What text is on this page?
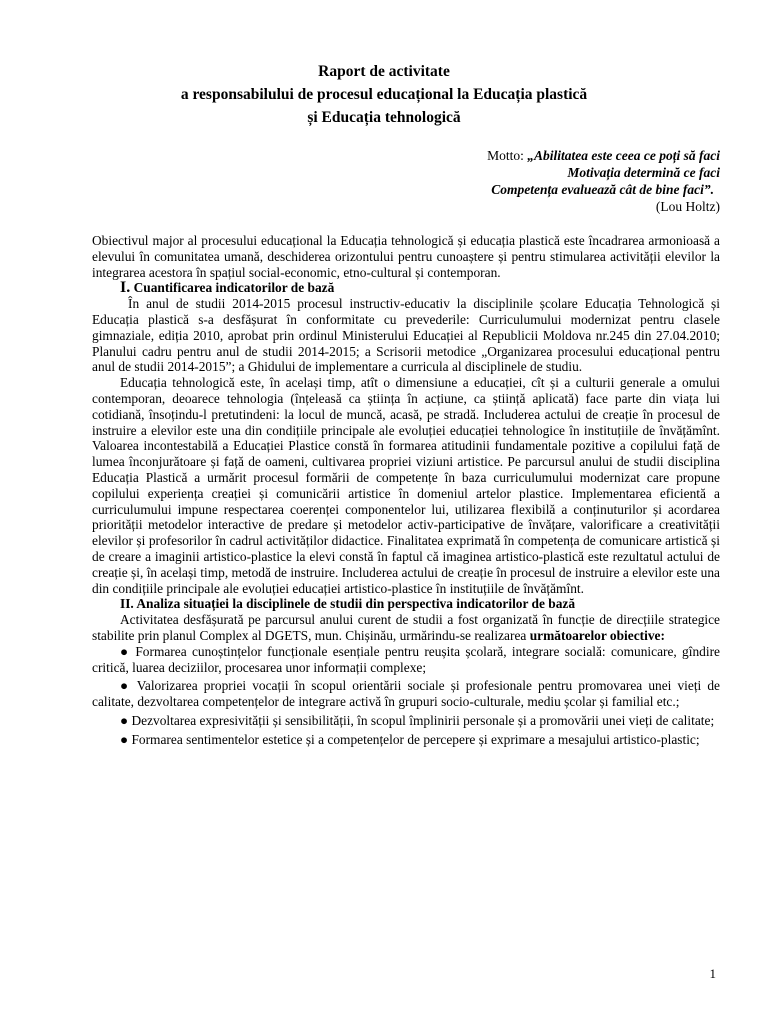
Raport de activitate
a responsabilului de procesul educațional la Educația plastică
și Educația tehnologică
Motto: „Abilitatea este ceea ce poți să faci
Motivația determină ce faci
Competența evaluează cât de bine faci”.
(Lou Holtz)

Obiectivul major al procesului educațional la Educația tehnologică și educația plastică este încadrarea armonioasă a elevului în comunitatea umană, deschiderea orizontului pentru cunoaștere și pentru stimularea activității elevilor la integrarea acestora în spațiul social-economic, etno-cultural și contemporan.

I. Cuantificarea indicatorilor de bază

În anul de studii 2014-2015 procesul instructiv-educativ la disciplinile școlare Educația Tehnologică și Educația plastică s-a desfășurat în conformitate cu prevederile: Curriculumului modernizat pentru clasele gimnaziale, ediția 2010, aprobat prin ordinul Ministerului Educației al Republicii Moldova nr.245 din 27.04.2010; Planului cadru pentru anul de studii 2014-2015; a Scrisorii metodice „Organizarea procesului educațional pentru anul de studii 2014-2015”; a Ghidului de implementare a curricula al disciplinele de studiu.

Educația tehnologică este, în același timp, atît o dimensiune a educației, cît și a culturii generale a omului contemporan, deoarece tehnologia (înțeleasă ca știința în acțiune, ca știință aplicată) face parte din viața lui cotidiană, însoțindu-l pretutindeni: la locul de muncă, acasă, pe stradă. Includerea actului de creație în procesul de instruire a elevilor este una din condițiile principale ale evoluției educației tehnologice în instituțiile de învățămînt. Valoarea incontestabilă a Educației Plastice constă în formarea atitudinii fundamentale pozitive a copilului față de lumea înconjurătoare și față de oameni, cultivarea propriei viziuni artistice. Pe parcursul anului de studii disciplina Educația Plastică a urmărit procesul formării de competențe în baza curriculumului modernizat care propune copilului experiența creației și comunicării artistice în domeniul artelor plastice. Implementarea eficientă a curriculumului impune respectarea coerenței componentelor lui, utilizarea flexibilă a conținuturilor și acordarea priorității metodelor interactive de predare și metodelor activ-participative de învățare, valorificare a creativității elevilor și profesorilor în cadrul activităților didactice. Finalitatea exprimată în competența de comunicare artistică și de creare a imaginii artistico-plastice la elevi constă în faptul că imaginea artistico-plastică este rezultatul actului de creație și, în același timp, metodă de instruire. Includerea actului de creație în procesul de instruire a elevilor este una din condițiile principale ale evoluției educației artistico-plastice în instituțiile de învățămînt.

II. Analiza situației la disciplinele de studii din perspectiva indicatorilor de bază

Activitatea desfășurată pe parcursul anului curent de studii a fost organizată în funcție de direcțiile strategice stabilite prin planul Complex al DGETS, mun. Chișinău, urmărindu-se realizarea următoarelor obiective:

● Formarea cunoștințelor funcționale esențiale pentru reușita școlară, integrare socială: comunicare, gîndire critică, luarea deciziilor, procesarea unor informații complexe;

● Valorizarea propriei vocații în scopul orientării sociale și profesionale pentru promovarea unei vieți de calitate, dezvoltarea competențelor de integrare activă în grupuri socio-culturale, mediu școlar și familial etc.;

● Dezvoltarea expresivității și sensibilității, în scopul împlinirii personale și a promovării unei vieți de calitate;

● Formarea sentimentelor estetice și a competențelor de percepere și exprimare a mesajului artistico-plastic;

1
